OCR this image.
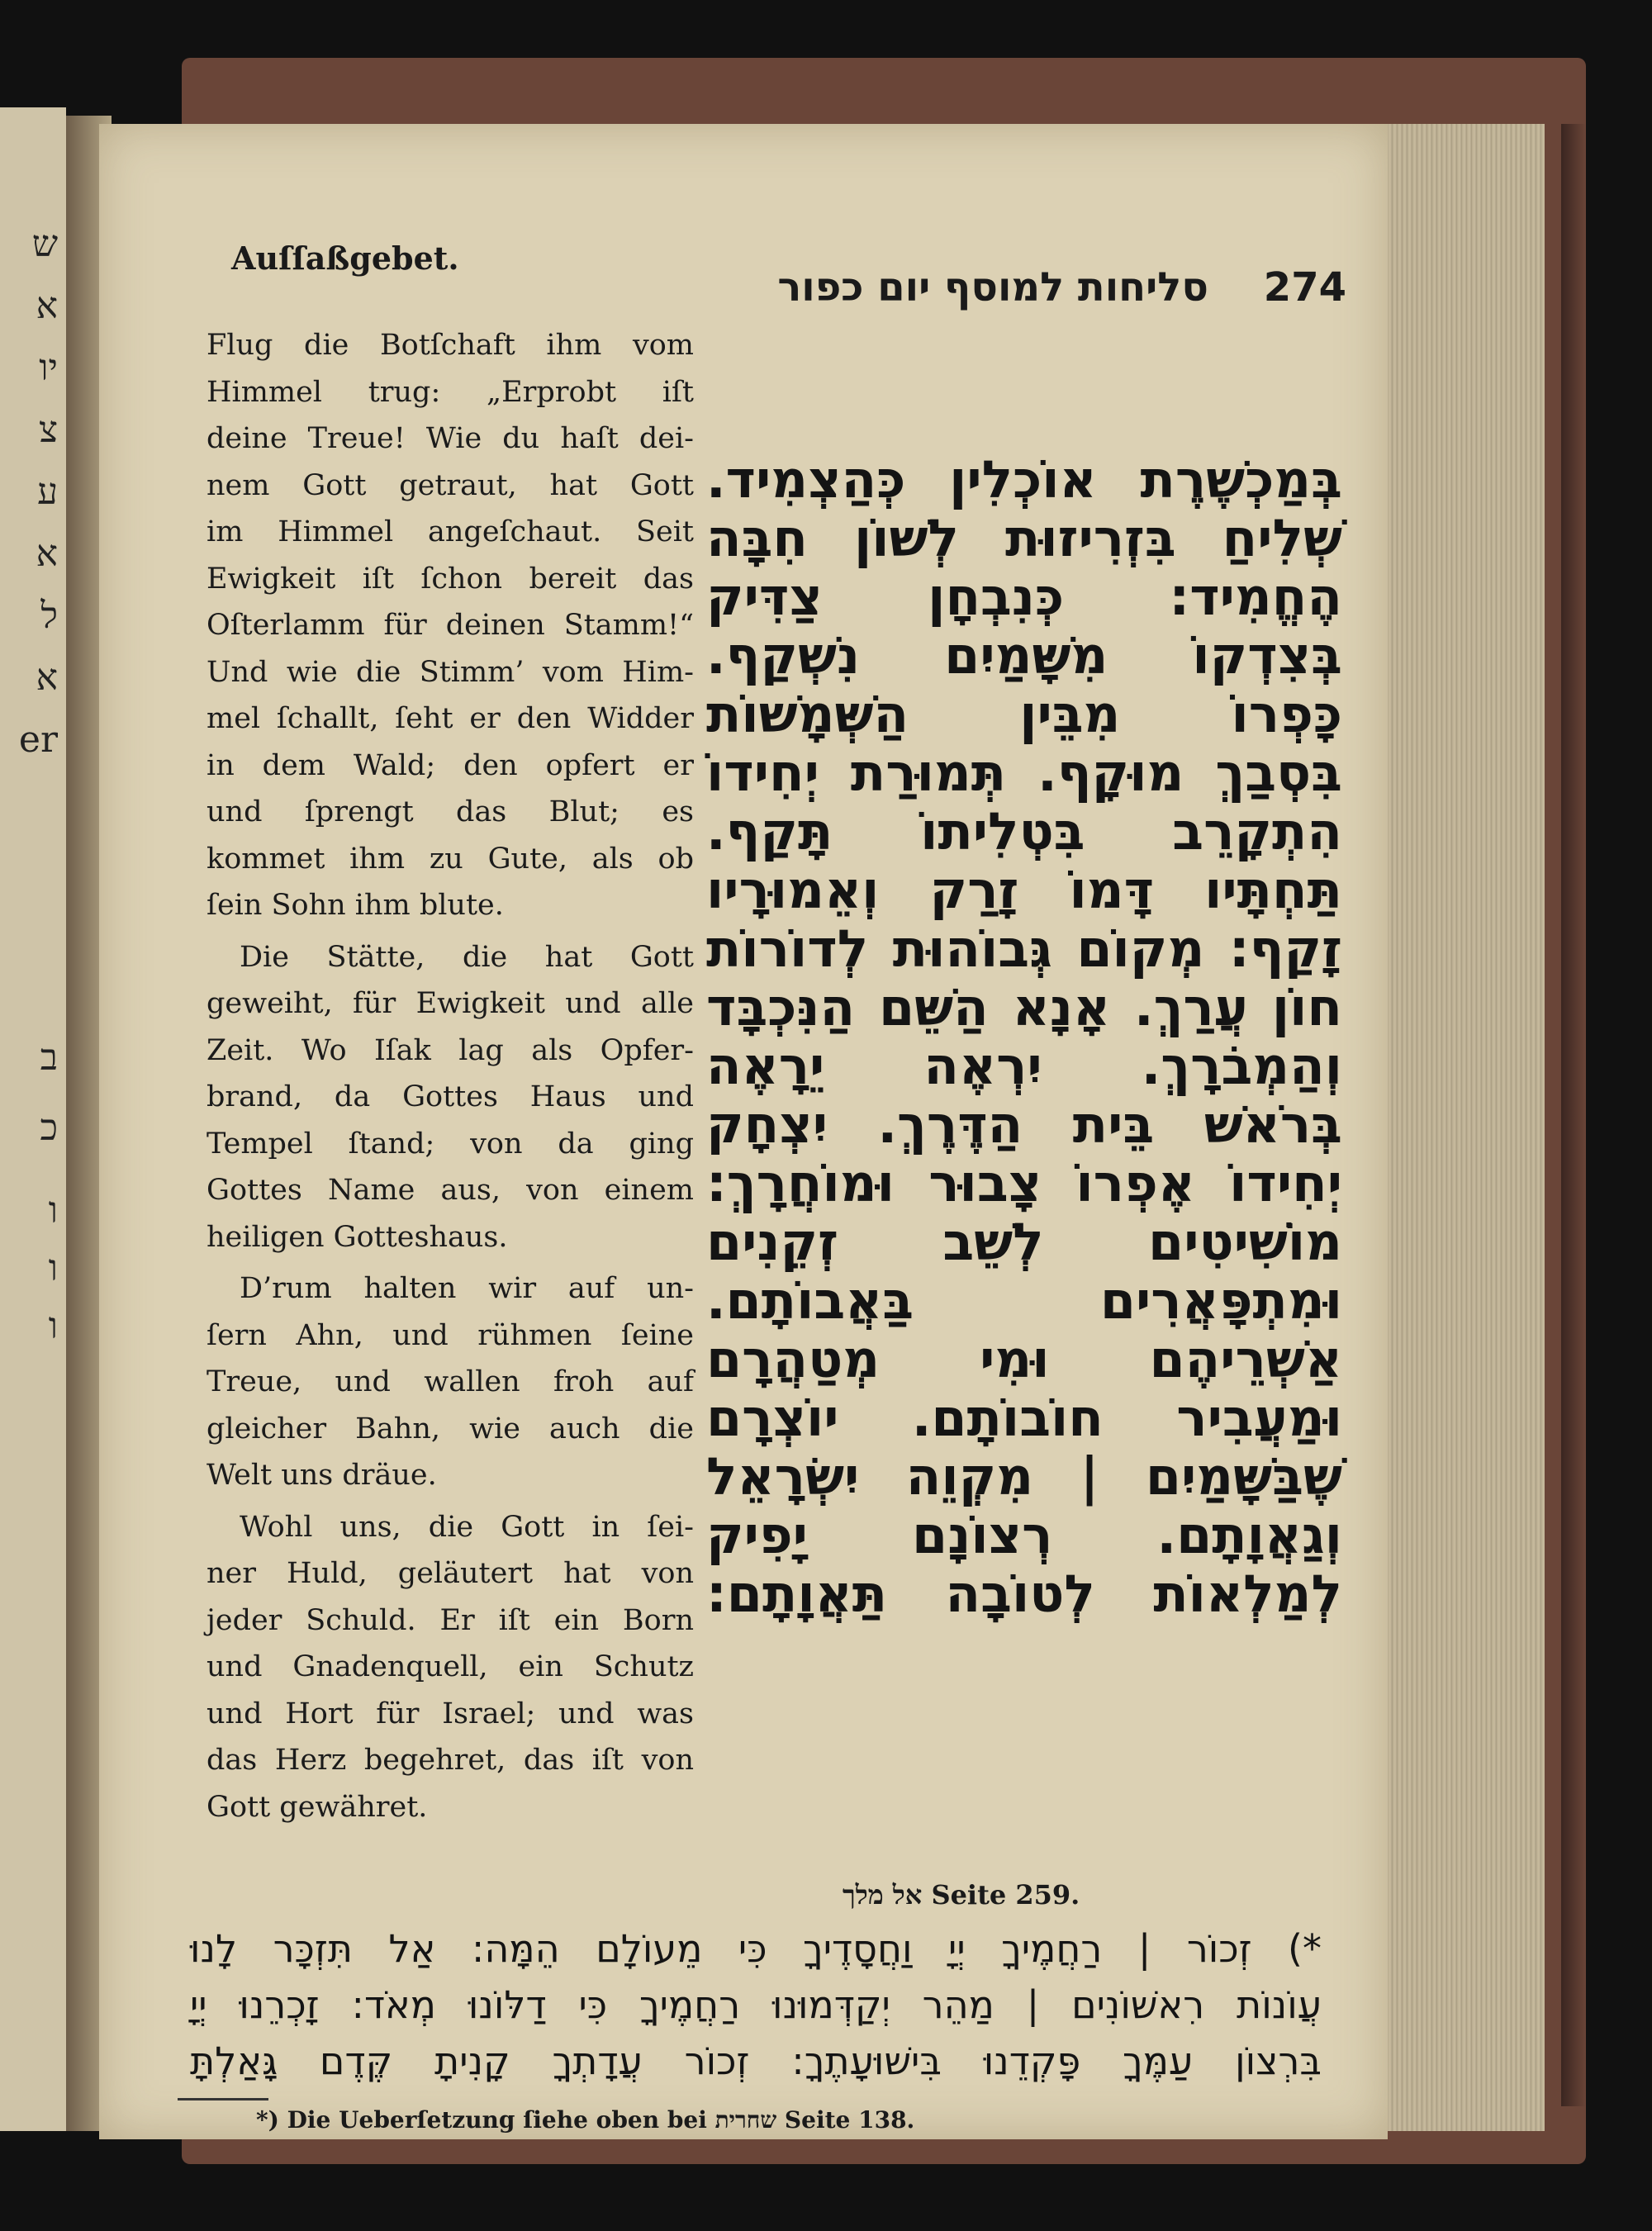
ש
א
יו
צ
ע
א
ל
א
er
ב
כ
ו
ו
ו
Auſſaßgebet.
274    סליחות למוסף יום כפור
Flug die Botſchaft ihm vom
Himmel trug: „Erprobt iſt
deine Treue! Wie du haſt dei-
nem Gott getraut, hat Gott
im Himmel angeſchaut. Seit
Ewigkeit iſt ſchon bereit das
Oſterlamm für deinen Stamm!“
Und wie die Stimm’ vom Him-
mel ſchallt, ſeht er den Widder
in dem Wald; den opfert er
und ſprengt das Blut; es
kommet ihm zu Gute, als ob
ſein Sohn ihm blute.
Die Stätte, die hat Gott
geweiht, für Ewigkeit und alle
Zeit. Wo Iſak lag als Opfer-
brand, da Gottes Haus und
Tempel ſtand; von da ging
Gottes Name aus, von einem
heiligen Gotteshaus.
D’rum halten wir auf un-
ſern Ahn, und rühmen ſeine
Treue, und wallen froh auf
gleicher Bahn, wie auch die
Welt uns dräue.
Wohl uns, die Gott in ſei-
ner Huld, geläutert hat von
jeder Schuld. Er iſt ein Born
und Gnadenquell, ein Schutz
und Hort für Israel; und was
das Herz begehret, das iſt von
Gott gewähret.
בְּמַכְשֶׁרֶת אוֹכְלִין כְּהַצְמִיד.
שְׁלִיחַ בִּזְרִיזוּת לְשׁוֹן חִבָּה
הֶחֱמִיד: כְּנִבְחָן צַדִּיק
בְּצִדְקוֹ מִשָּׁמַיִם נִשְׁקַף.
כָּפְרוֹ מִבֵּין הַשְּׁמָשׁוֹת
בִּסְבַךְ מוּקָף. תְּמוּרַת יְחִידוֹ
הִתְקָרֵב בִּטְלִיתוֹ תָּקַף.
תַּחְתָּיו דָּמוֹ זָרַק וְאֵמוּרָיו
זָקַף: מְקוֹם גְּבוֹהוּת לְדוֹרוֹת
חוֹן עֲרַךְ. אָנָא הַשֵּׁם הַנִּכְבָּד
וְהַמְבֹרָךְ. יִרְאֶה יֵרָאֶה
בְּרֹאשׁ בֵּית הַדֶּרֶךְ. יִצְחָק
יְחִידוֹ אֶפְרוֹ צָבוּר וּמוֹחֲרָךְ:
מוֹשִׁיטִים לְשֵׁב זְקֵנִים
וּמִתְפָּאֲרִים בַּאֲבוֹתָם.
אַשְׁרֵיהֶם וּמִי מְטַהֲרָם
וּמַעֲבִיר חוֹבוֹתָם. יוֹצְרָם
שֶׁבַּשָּׁמַיִם | מִקְוֵה יִשְׂרָאֵל
וְגַאֲוָתָם. רְצוֹנָם יָפִיק
לְמַלְאוֹת לְטוֹבָה תַּאֲוָתָם:
אל מלך Seite 259.
*) זְכוֹר | רַחֲמֶיךָ יְיָ וַחֲסָדֶיךָ כִּי מֵעוֹלָם הֵמָּה: אַל תִּזְכָּר לָנוּ
עֲוֹנוֹת רִאשׁוֹנִים | מַהֵר יְקַדְּמוּנוּ רַחֲמֶיךָ כִּי דַלּוֹנוּ מְאֹד: זָכְרֵנוּ יְיָ
בִּרְצוֹן עַמֶּךָ פָּקְדֵנוּ בִּישׁוּעָתֶךָ: זְכוֹר עֲדָתְךָ קָנִיתָ קֶּדֶם גָּאַלְתָּ
*) Die Ueberſetzung ſiehe oben bei שחרית Seite 138.
